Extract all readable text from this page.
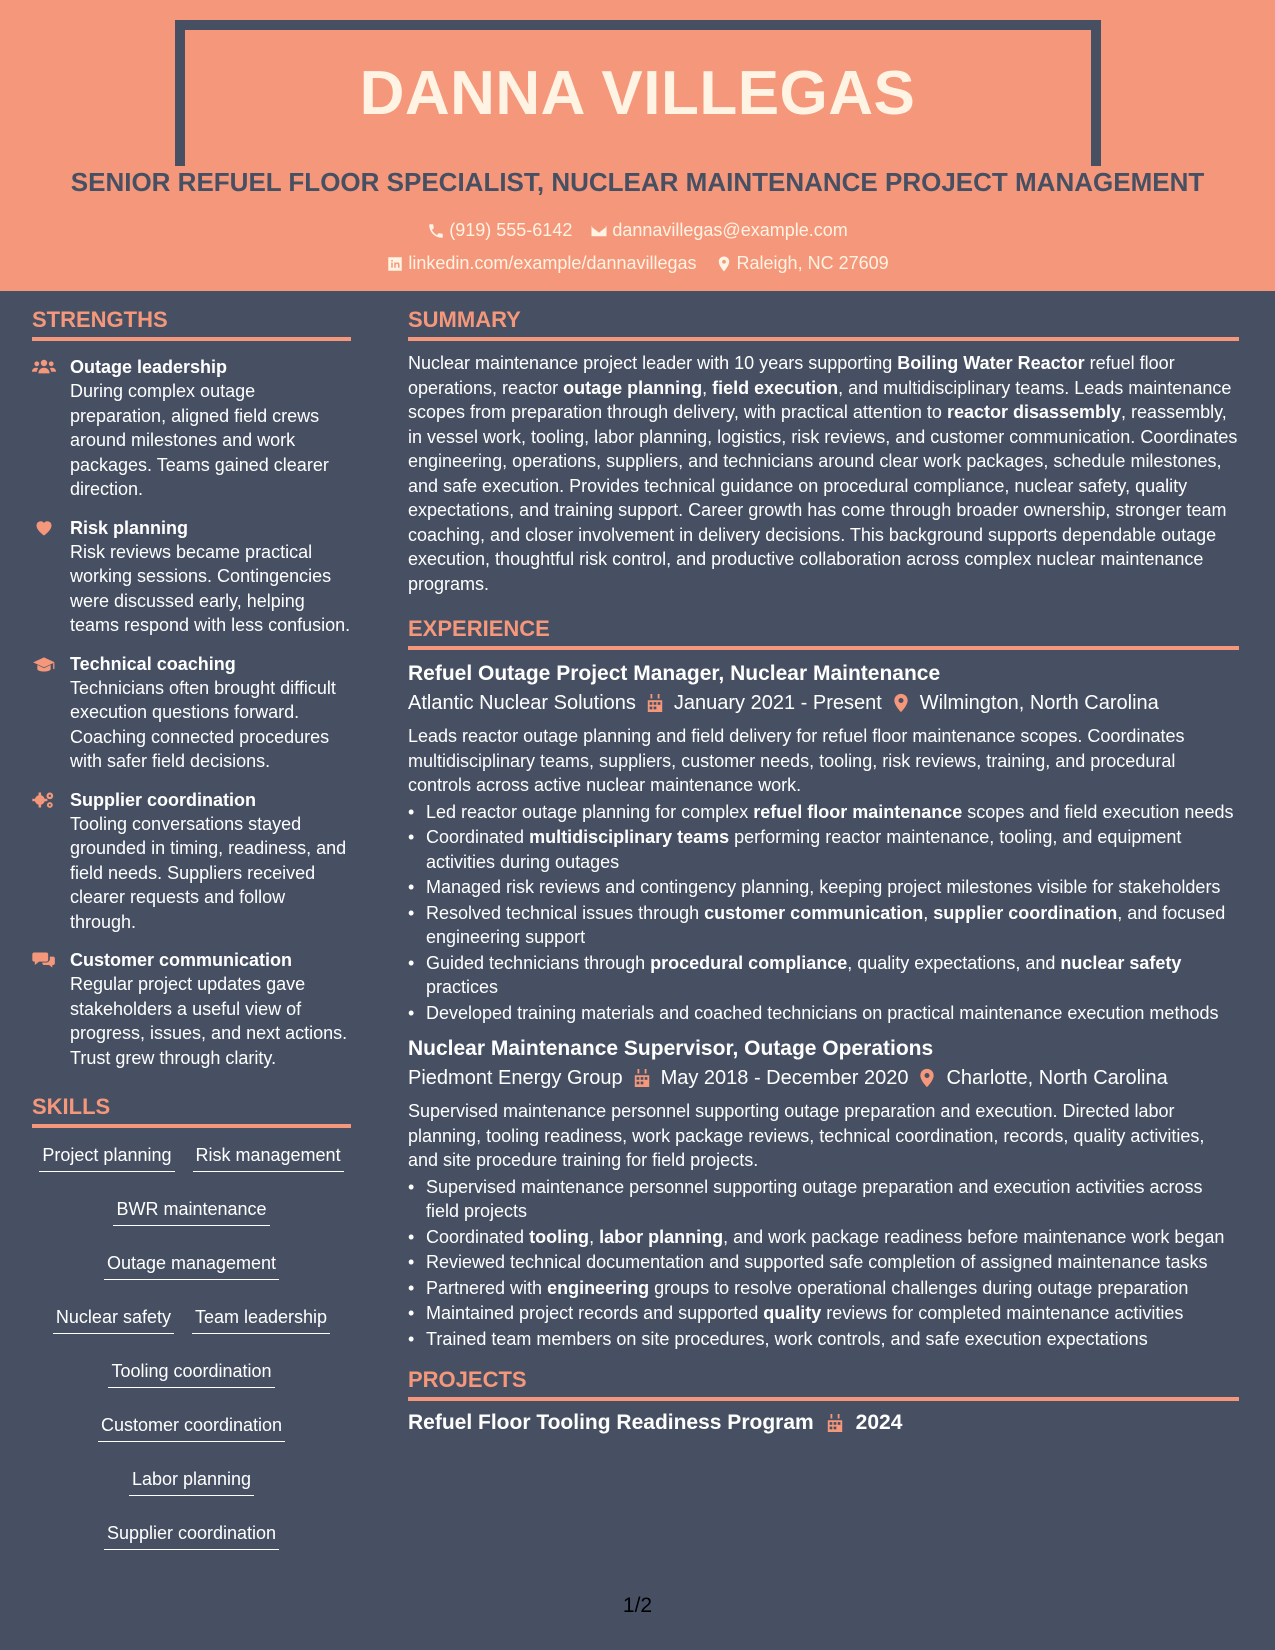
DANNA VILLEGAS
SENIOR REFUEL FLOOR SPECIALIST, NUCLEAR MAINTENANCE PROJECT MANAGEMENT
(919) 555-6142 dannavillegas@example.com
linkedin.com/example/dannavillegas Raleigh, NC 27609
STRENGTHS
Outage leadership
During complex outage preparation, aligned field crews around milestones and work packages. Teams gained clearer direction.
Risk planning
Risk reviews became practical working sessions. Contingencies were discussed early, helping teams respond with less confusion.
Technical coaching
Technicians often brought difficult execution questions forward. Coaching connected procedures with safer field decisions.
Supplier coordination
Tooling conversations stayed grounded in timing, readiness, and field needs. Suppliers received clearer requests and follow through.
Customer communication
Regular project updates gave stakeholders a useful view of progress, issues, and next actions. Trust grew through clarity.
SKILLS
Project planning Risk management
BWR maintenance
Outage management
Nuclear safety Team leadership
Tooling coordination
Customer coordination
Labor planning
Supplier coordination
SUMMARY
Nuclear maintenance project leader with 10 years supporting Boiling Water Reactor refuel floor operations, reactor outage planning, field execution, and multidisciplinary teams. Leads maintenance scopes from preparation through delivery, with practical attention to reactor disassembly, reassembly, in vessel work, tooling, labor planning, logistics, risk reviews, and customer communication. Coordinates engineering, operations, suppliers, and technicians around clear work packages, schedule milestones, and safe execution. Provides technical guidance on procedural compliance, nuclear safety, quality expectations, and training support. Career growth has come through broader ownership, stronger team coaching, and closer involvement in delivery decisions. This background supports dependable outage execution, thoughtful risk control, and productive collaboration across complex nuclear maintenance programs.
EXPERIENCE
Refuel Outage Project Manager, Nuclear Maintenance
Atlantic Nuclear Solutions January 2021 - Present Wilmington, North Carolina
Leads reactor outage planning and field delivery for refuel floor maintenance scopes. Coordinates multidisciplinary teams, suppliers, customer needs, tooling, risk reviews, training, and procedural controls across active nuclear maintenance work.
• Led reactor outage planning for complex refuel floor maintenance scopes and field execution needs
• Coordinated multidisciplinary teams performing reactor maintenance, tooling, and equipment activities during outages
• Managed risk reviews and contingency planning, keeping project milestones visible for stakeholders
• Resolved technical issues through customer communication, supplier coordination, and focused engineering support
• Guided technicians through procedural compliance, quality expectations, and nuclear safety practices
• Developed training materials and coached technicians on practical maintenance execution methods
Nuclear Maintenance Supervisor, Outage Operations
Piedmont Energy Group May 2018 - December 2020 Charlotte, North Carolina
Supervised maintenance personnel supporting outage preparation and execution. Directed labor planning, tooling readiness, work package reviews, technical coordination, records, quality activities, and site procedure training for field projects.
• Supervised maintenance personnel supporting outage preparation and execution activities across field projects
• Coordinated tooling, labor planning, and work package readiness before maintenance work began
• Reviewed technical documentation and supported safe completion of assigned maintenance tasks
• Partnered with engineering groups to resolve operational challenges during outage preparation
• Maintained project records and supported quality reviews for completed maintenance activities
• Trained team members on site procedures, work controls, and safe execution expectations
PROJECTS
Refuel Floor Tooling Readiness Program 2024
1/2
